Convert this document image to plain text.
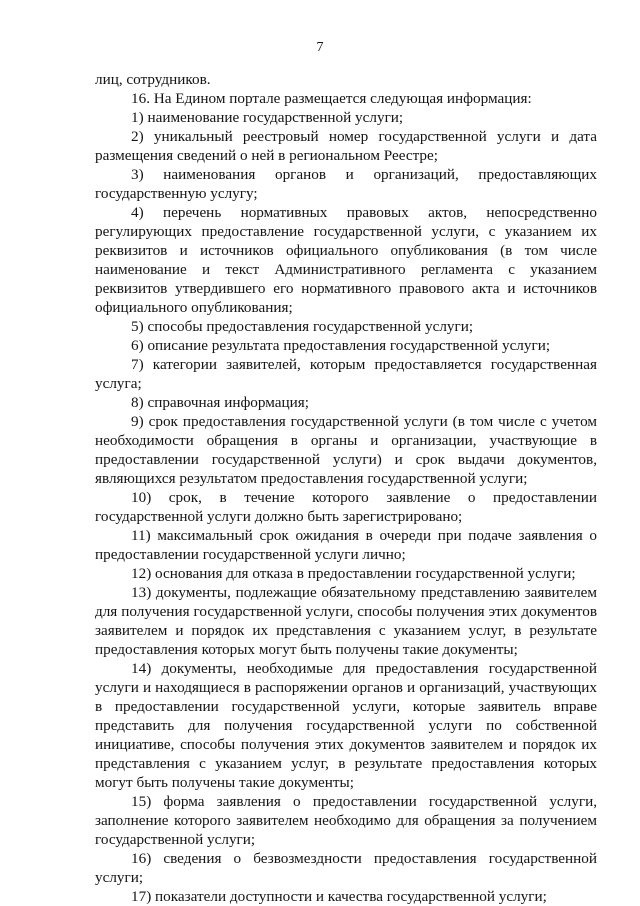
7

лиц, сотрудников.

16. На Едином портале размещается следующая информация:

1) наименование государственной услуги;

2) уникальный реестровый номер государственной услуги и дата размещения сведений о ней в региональном Реестре;

3) наименования органов и организаций, предоставляющих государственную услугу;

4) перечень нормативных правовых актов, непосредственно регулирующих предоставление государственной услуги, с указанием их реквизитов и источников официального опубликования (в том числе наименование и текст Административного регламента с указанием реквизитов утвердившего его нормативного правового акта и источников официального опубликования;

5) способы предоставления государственной услуги;

6) описание результата предоставления государственной услуги;

7) категории заявителей, которым предоставляется государственная услуга;

8) справочная информация;

9) срок предоставления государственной услуги (в том числе с учетом необходимости обращения в органы и организации, участвующие в предоставлении государственной услуги) и срок выдачи документов, являющихся результатом предоставления государственной услуги;

10) срок, в течение которого заявление о предоставлении государственной услуги должно быть зарегистрировано;

11) максимальный срок ожидания в очереди при подаче заявления о предоставлении государственной услуги лично;

12) основания для отказа в предоставлении государственной услуги;

13) документы, подлежащие обязательному представлению заявителем для получения государственной услуги, способы получения этих документов заявителем и порядок их представления с указанием услуг, в результате предоставления которых могут быть получены такие документы;

14) документы, необходимые для предоставления государственной услуги и находящиеся в распоряжении органов и организаций, участвующих в предоставлении государственной услуги, которые заявитель вправе представить для получения государственной услуги по собственной инициативе, способы получения этих документов заявителем и порядок их представления с указанием услуг, в результате предоставления которых могут быть получены такие документы;

15) форма заявления о предоставлении государственной услуги, заполнение которого заявителем необходимо для обращения за получением государственной услуги;

16) сведения о безвозмездности предоставления государственной услуги;

17) показатели доступности и качества государственной услуги;
